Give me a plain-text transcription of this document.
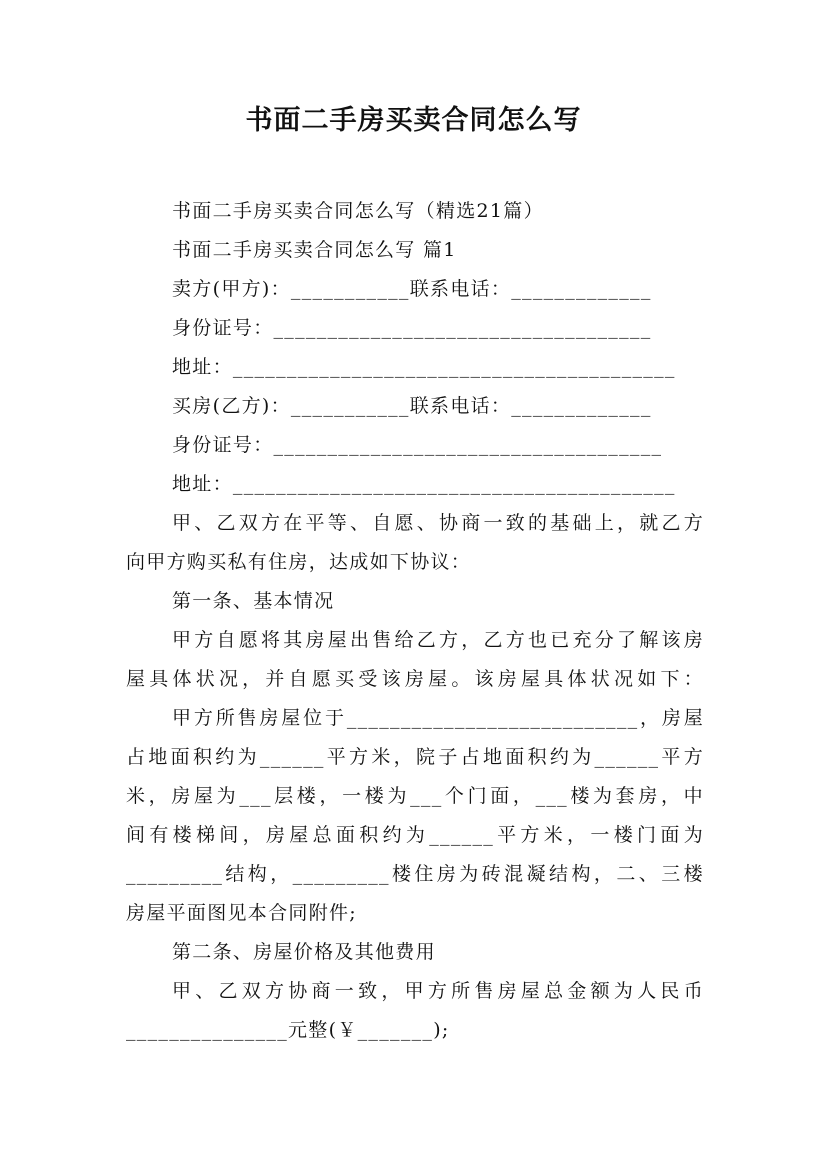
书面二手房买卖合同怎么写
书面二手房买卖合同怎么写（精选21篇）
书面二手房买卖合同怎么写 篇1
卖方(甲方)：___________联系电话：_____________
身份证号：___________________________________
地址：_________________________________________
买房(乙方)：___________联系电话：_____________
身份证号：____________________________________
地址：_________________________________________
甲、乙双方在平等、自愿、协商一致的基础上，就乙方
向甲方购买私有住房，达成如下协议：
第一条、基本情况
甲方自愿将其房屋出售给乙方，乙方也已充分了解该房
屋具体状况，并自愿买受该房屋。该房屋具体状况如下：
甲方所售房屋位于___________________________，房屋
占地面积约为______平方米，院子占地面积约为______平方
米，房屋为___层楼，一楼为___个门面，___楼为套房，中
间有楼梯间，房屋总面积约为______平方米，一楼门面为
_________结构，_________楼住房为砖混凝结构，二、三楼
房屋平面图见本合同附件;
第二条、房屋价格及其他费用
甲、乙双方协商一致，甲方所售房屋总金额为人民币
_______________元整(￥_______);
